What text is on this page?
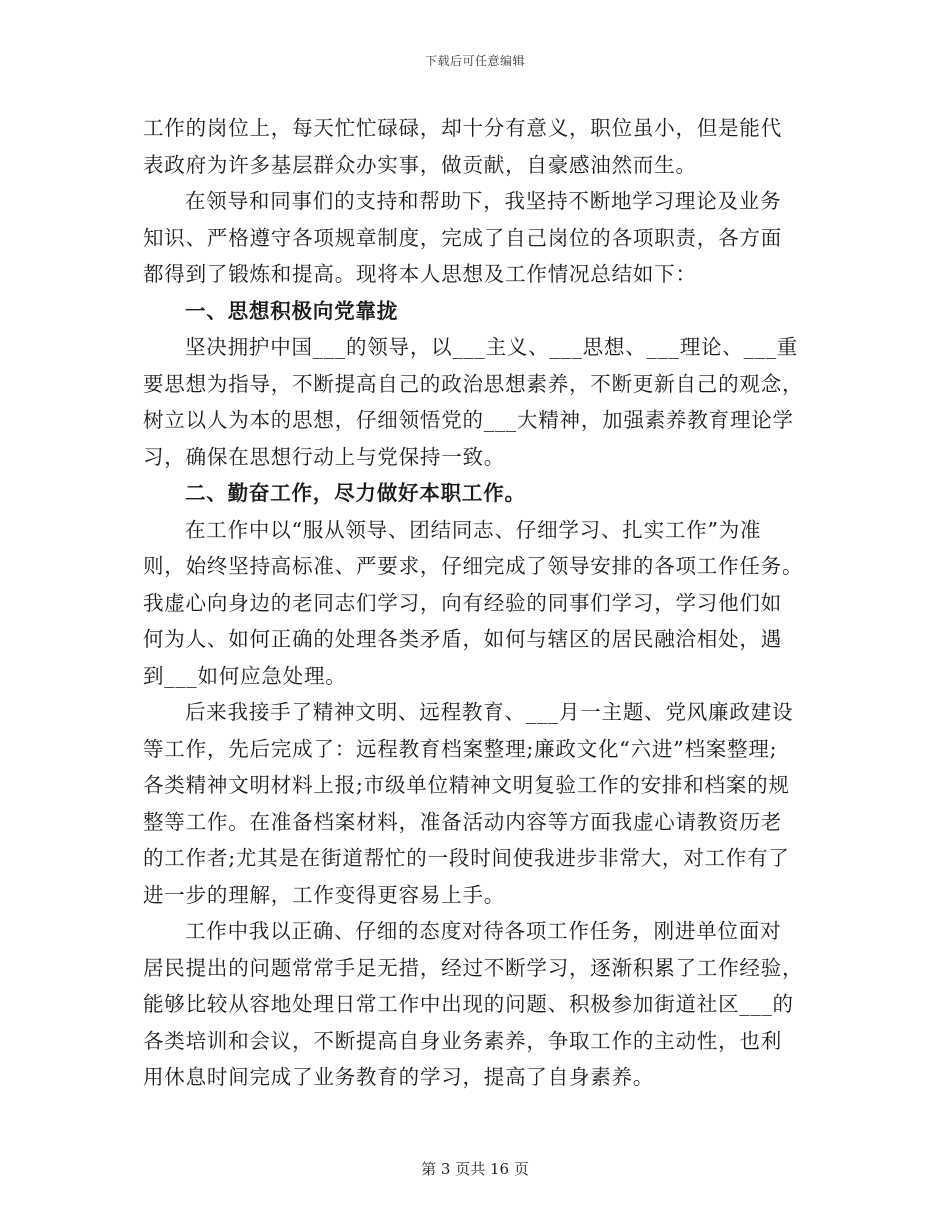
下载后可任意编辑
工作的岗位上，每天忙忙碌碌，却十分有意义，职位虽小，但是能代
表政府为许多基层群众办实事，做贡献，自豪感油然而生。
在领导和同事们的支持和帮助下，我坚持不断地学习理论及业务
知识、严格遵守各项规章制度，完成了自己岗位的各项职责，各方面
都得到了锻炼和提高。现将本人思想及工作情况总结如下：
一、思想积极向党靠拢
坚决拥护中国___的领导，以___主义、___思想、___理论、___重
要思想为指导，不断提高自己的政治思想素养，不断更新自己的观念，
树立以人为本的思想，仔细领悟党的___大精神，加强素养教育理论学
习，确保在思想行动上与党保持一致。
二、勤奋工作，尽力做好本职工作。
在工作中以“服从领导、团结同志、仔细学习、扎实工作”为准
则，始终坚持高标准、严要求，仔细完成了领导安排的各项工作任务。
我虚心向身边的老同志们学习，向有经验的同事们学习，学习他们如
何为人、如何正确的处理各类矛盾，如何与辖区的居民融洽相处，遇
到___如何应急处理。
后来我接手了精神文明、远程教育、___月一主题、党风廉政建设
等工作，先后完成了：远程教育档案整理;廉政文化“六进”档案整理;
各类精神文明材料上报;市级单位精神文明复验工作的安排和档案的规
整等工作。在准备档案材料，准备活动内容等方面我虚心请教资历老
的工作者;尤其是在街道帮忙的一段时间使我进步非常大，对工作有了
进一步的理解，工作变得更容易上手。
工作中我以正确、仔细的态度对待各项工作任务，刚进单位面对
居民提出的问题常常手足无措，经过不断学习，逐渐积累了工作经验，
能够比较从容地处理日常工作中出现的问题、积极参加街道社区___的
各类培训和会议，不断提高自身业务素养，争取工作的主动性，也利
用休息时间完成了业务教育的学习，提高了自身素养。
第 3 页共 16 页
